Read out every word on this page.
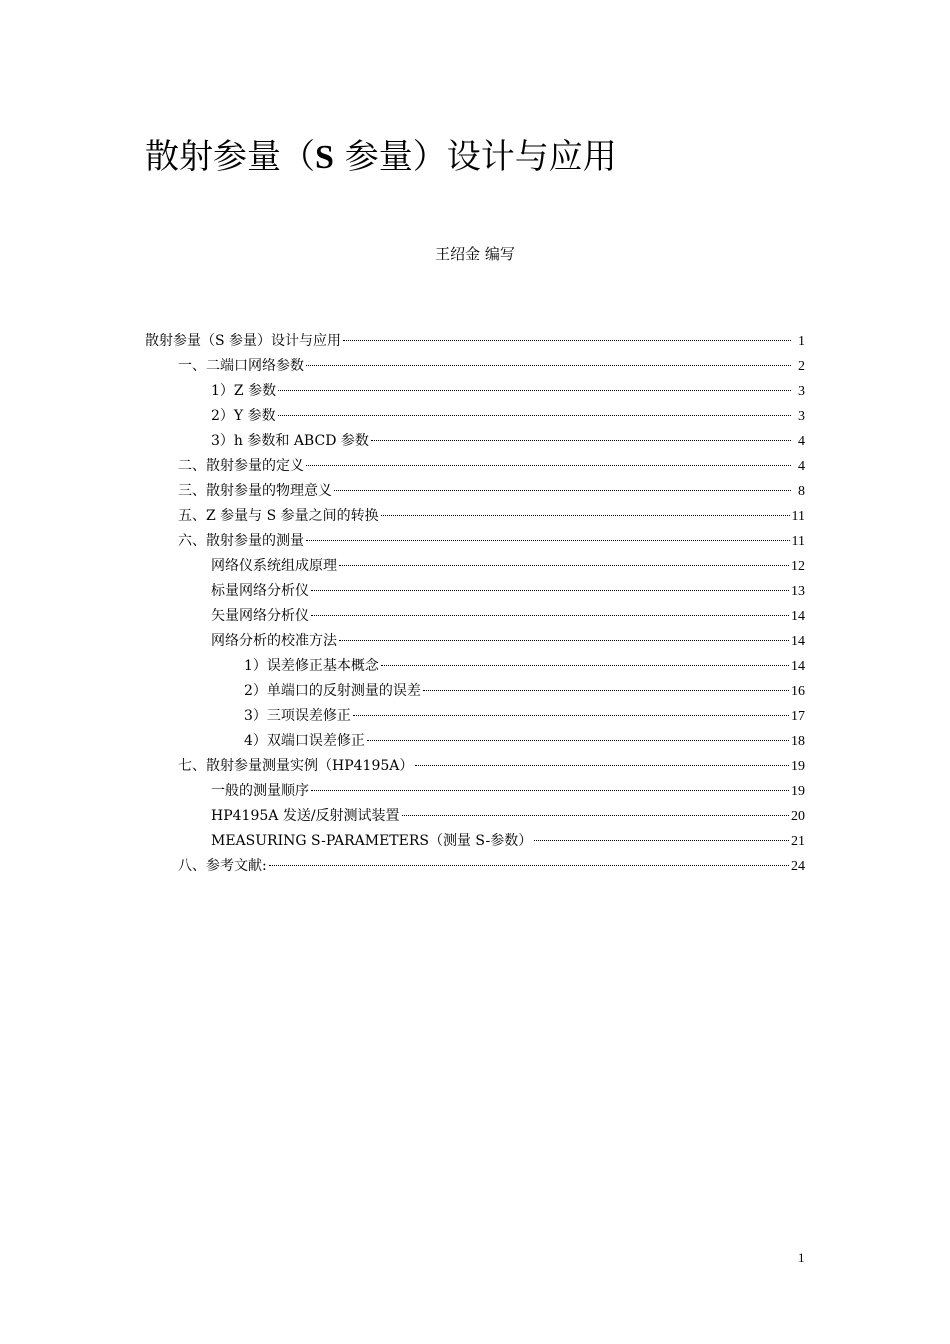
散射参量（S 参量）设计与应用
王绍金 编写
散射参量（S 参量）设计与应用	1
一、二端口网络参数	2
1）Z 参数	3
2）Y 参数	3
3）h 参数和 ABCD 参数	4
二、散射参量的定义	4
三、散射参量的物理意义	8
五、Z 参量与 S 参量之间的转换	11
六、散射参量的测量	11
网络仪系统组成原理	12
标量网络分析仪	13
矢量网络分析仪	14
网络分析的校准方法	14
1）误差修正基本概念	14
2）单端口的反射测量的误差	16
3）三项误差修正	17
4）双端口误差修正	18
七、散射参量测量实例（HP4195A）	19
一般的测量顺序	19
HP4195A 发送/反射测试装置	20
MEASURING S-PARAMETERS（测量 S-参数）	21
八、参考文献:	24
1
